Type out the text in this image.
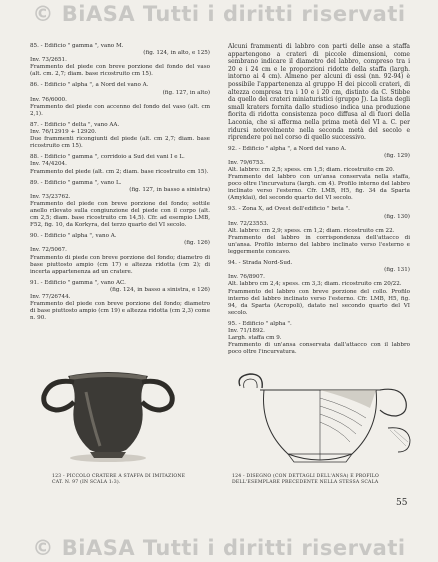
© BiASA Tutti i diritti riservati
85. - Edificio " gamma ", vano M.
(fig. 124, in alto, e 125)
Inv. 73/2651.
Frammento del piede con breve porzione del fondo del vaso (alt. cm. 2,7; diam. base ricostruito cm 15).
86. - Edificio " alpha ", a Nord del vano A.
(fig. 127, in alto)
Inv. 76/6000.
Frammento del piede con accenno del fondo del vaso (alt. cm 2,1).
87. - Edificio " delta ", vano AA.
Inv. 76/12919 + 12920.
Due frammenti ricongiunti del piede (alt. cm 2,7; diam. base ricostruito cm 15).
88. - Edificio " gamma ", corridoio a Sud dei vani I e L.
Inv. 74/4204.
Frammento del piede (alt. cm 2; diam. base ricostruito cm 15).
89. - Edificio " gamma ", vano L.
(fig. 127, in basso a sinistra)
Inv. 73/23762.
Frammento del piede con breve porzione del fondo; sottile anello rilevato sulla congiunzione del piede con il corpo (alt. cm 2,5; diam. base ricostruito cm 14,5). Cfr. ad esempio LMB, F52, fig. 10, da Korkyra, del terzo quarto del VI secolo.
90. - Edificio " alpha ", vano A.
(fig. 126)
Inv. 72/5067.
Frammento di piede con breve porzione del fondo; diametro di base piuttosto ampio (cm 17) e altezza ridotta (cm 2); di incerta appartenenza ad un cratere.
91. - Edificio " gamma ", vano AC.
(fig. 124, in basso a sinistra, e 126)
Inv. 77/26744.
Frammento del piede con breve porzione del fondo; diametro di base piuttosto ampio (cm 19) e altezza ridotta (cm 2,3) come n. 90.
Alcuni frammenti di labbro con parti delle anse a staffa appartengono a crateri di piccole dimensioni, come sembrano indicare il diametro del labbro, compreso tra i 20 e i 24 cm e le proporzioni ridotte della staffa (largh. intorno ai 4 cm). Almeno per alcuni di essi (nn. 92-94) è possibile l'appartenenza al gruppo H dei piccoli crateri, di altezza compresa tra i 10 e i 20 cm, distinto da C. Stibbe da quello dei crateri miniaturistici (gruppo J). La lista degli small kraters fornita dallo studioso indica una produzione fiorita di ridotta consistenza poco diffusa al di fuori della Laconia, che si afferma nella prima metà del VI a. C. per ridursi notevolmente nella seconda metà del secolo e riprendere poi nel corso di quello successivo.
92. - Edificio " alpha ", a Nord del vano A.
(fig. 129)
Inv. 79/6753.
Alt. labbro: cm 2,5; spess. cm 1,5; diam. ricostruito cm 20.
Frammento del labbro con un'ansa conservata nella staffa, poco oltre l'incurvatura (largh. cm 4). Profilo interno del labbro inclinato verso l'esterno. Cfr. LMB, H5, fig. 34 da Sparta (Amyklai), del secondo quarto del VI secolo.
93. - Zona X, ad Ovest dell'edificio " beta ".
(fig. 130)
Inv. 72/23553.
Alt. labbro: cm 2,9; spess. cm 1,2; diam. ricostruito cm 22.
Frammento del labbro in corrispondenza dell'attacco di un'ansa. Profilo interno del labbro inclinato verso l'esterno e leggermente concavo.
94. - Strada Nord-Sud.
(fig. 131)
Inv. 76/8907.
Alt. labbro cm 2,4; spess. cm 3,3; diam. ricostruito cm 20/22.
Frammento del labbro con breve porzione del collo. Profilo interno del labbro inclinato verso l'esterno. Cfr. LMB, H5, fig. 94, da Sparta (Acropoli), datato nel secondo quarto del VI secolo.
95. - Edificio " alpha ".
Inv. 71/1892.
Largh. staffa cm 9.
Frammento di un'ansa conservata dall'attacco con il labbro poco oltre l'incurvatura.
123 - PICCOLO CRATERE A STAFFA DI IMITAZIONE CAT. N. 97 (IN SCALA 1:3).
124 - DISEGNO (CON DETTAGLI DELL'ANSA) E PROFILO DELL'ESEMPLARE PRECEDENTE NELLA STESSA SCALA
55
© BiASA Tutti i diritti riservati
